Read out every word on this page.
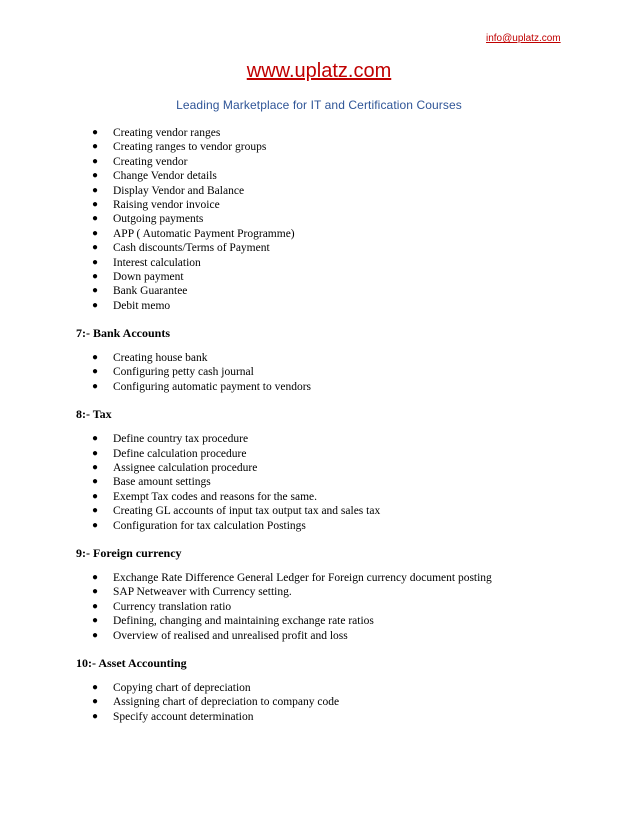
info@uplatz.com
www.uplatz.com
Leading Marketplace for IT and Certification Courses
● Creating vendor ranges
● Creating ranges to vendor groups
● Creating vendor
● Change Vendor details
● Display Vendor and Balance
● Raising vendor invoice
● Outgoing payments
● APP ( Automatic Payment Programme)
● Cash discounts/Terms of Payment
● Interest calculation
● Down payment
● Bank Guarantee
● Debit memo
7:- Bank Accounts
● Creating house bank
● Configuring petty cash journal
● Configuring automatic payment to vendors
8:- Tax
● Define country tax procedure
● Define calculation procedure
● Assignee calculation procedure
● Base amount settings
● Exempt Tax codes and reasons for the same.
● Creating GL accounts of input tax output tax and sales tax
● Configuration for tax calculation Postings
9:- Foreign currency
● Exchange Rate Difference General Ledger for Foreign currency document posting
● SAP Netweaver with Currency setting.
● Currency translation ratio
● Defining, changing and maintaining exchange rate ratios
● Overview of realised and unrealised profit and loss
10:- Asset Accounting
● Copying chart of depreciation
● Assigning chart of depreciation to company code
● Specify account determination
